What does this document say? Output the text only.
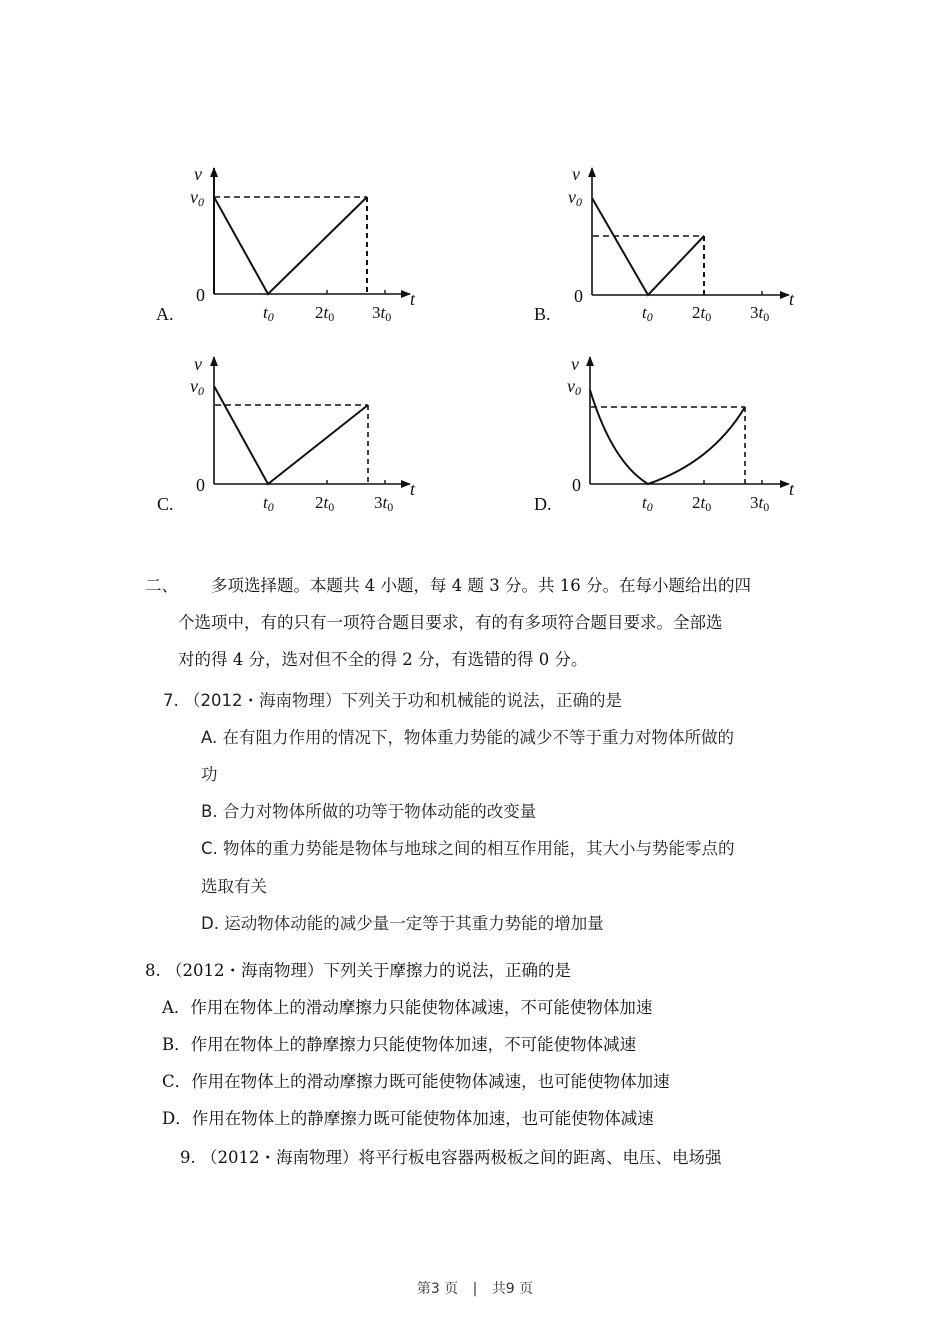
v
v0
0	t
t0 2t0 3t0
A.
v
v0
0	t
t0 2t0 3t0
B.
v
v0
0	t
t0 2t0 3t0
C.
v
v0
0	t
t0 2t0 3t0
D.
二、 多项选择题。本题共 4 小题，每 4 题 3 分。共 16 分。在每小题给出的四
个选项中，有的只有一项符合题目要求，有的有多项符合题目要求。全部选
对的得 4 分，选对但不全的得 2 分，有选错的得 0 分。
7. （2012・海南物理）下列关于功和机械能的说法，正确的是
A. 在有阻力作用的情况下，物体重力势能的减少不等于重力对物体所做的
功
B. 合力对物体所做的功等于物体动能的改变量
C. 物体的重力势能是物体与地球之间的相互作用能，其大小与势能零点的
选取有关
D. 运动物体动能的减少量一定等于其重力势能的增加量
8. （2012・海南物理）下列关于摩擦力的说法，正确的是
A．作用在物体上的滑动摩擦力只能使物体减速，不可能使物体加速
B．作用在物体上的静摩擦力只能使物体加速，不可能使物体减速
C．作用在物体上的滑动摩擦力既可能使物体减速，也可能使物体加速
D．作用在物体上的静摩擦力既可能使物体加速，也可能使物体减速
9. （2012・海南物理）将平行板电容器两极板之间的距离、电压、电场强
第3 页 | 共9 页
